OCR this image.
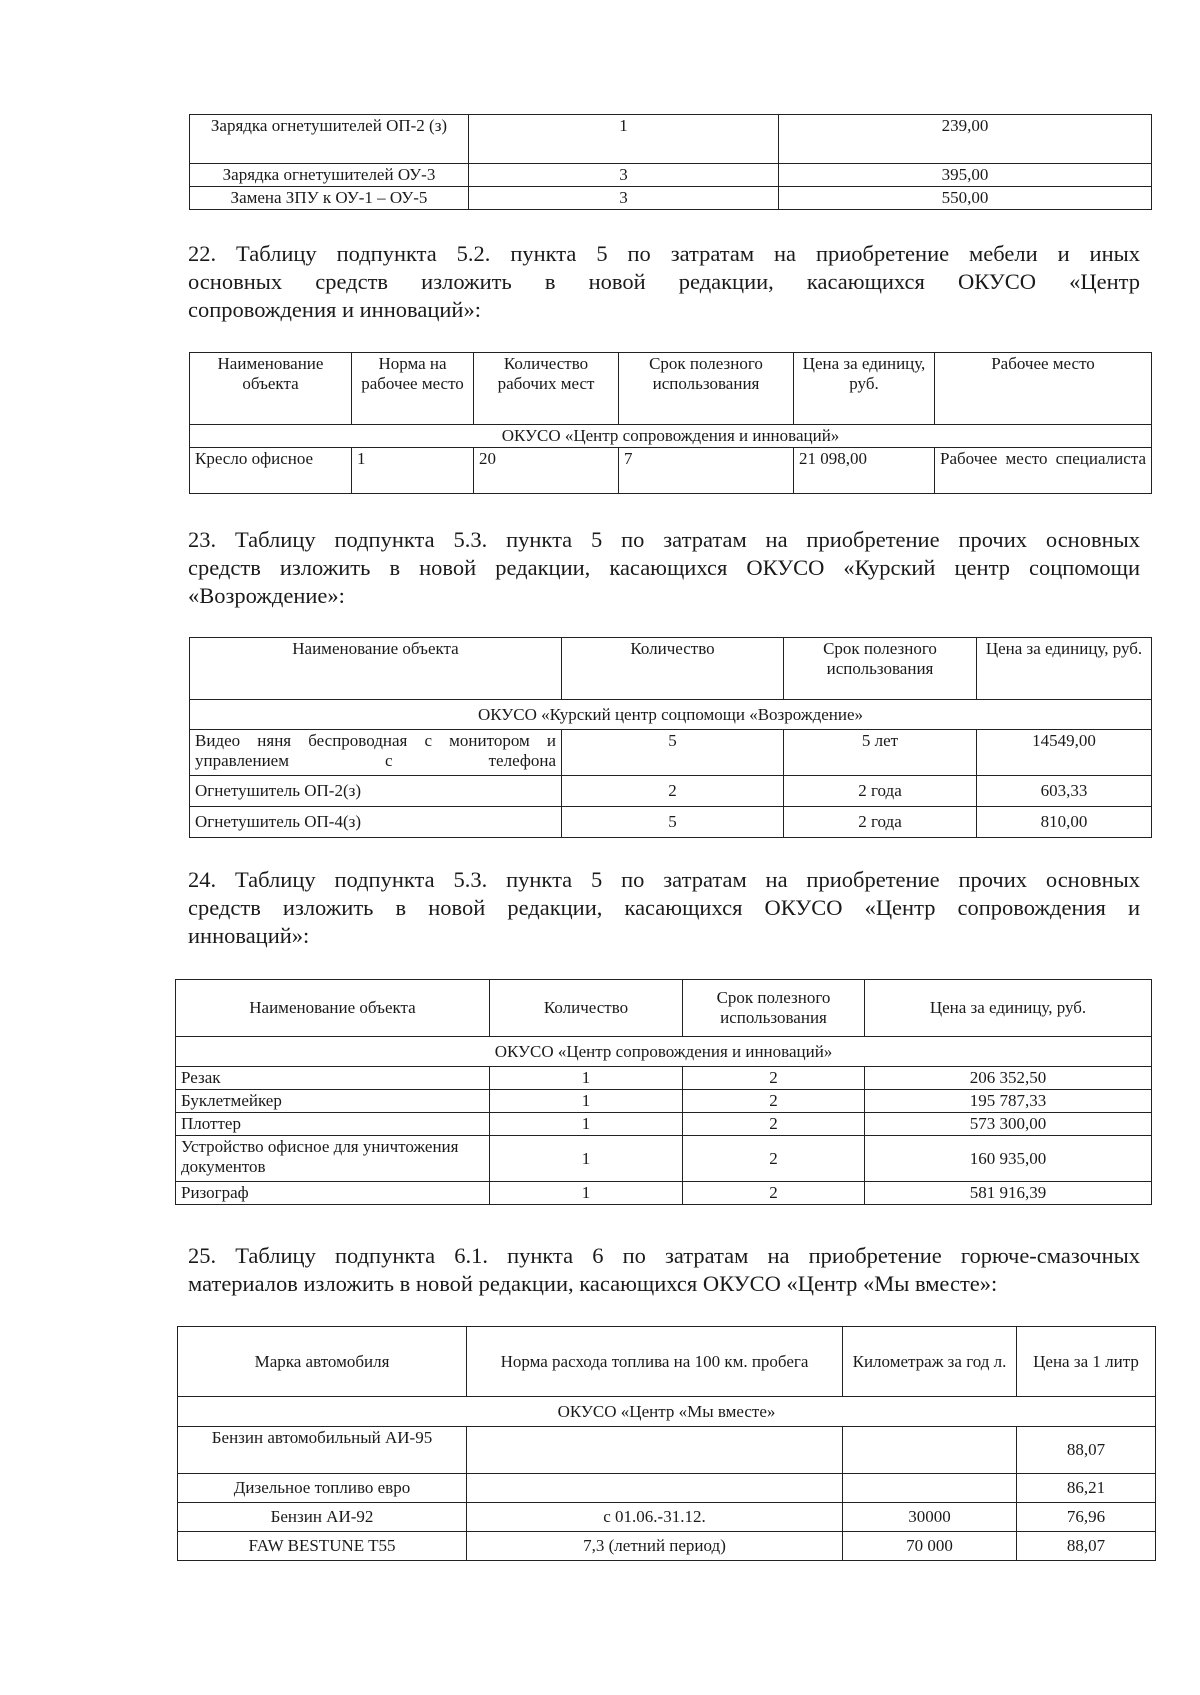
Зарядка огнетушителей ОП-2 (з)	1	239,00
Зарядка огнетушителей ОУ-3	3	395,00
Замена ЗПУ к ОУ-1 – ОУ-5	3	550,00
22. Таблицу подпункта 5.2. пункта 5 по затратам на приобретение мебели и иных
основных средств изложить в новой редакции, касающихся ОКУСО «Центр
сопровождения и инноваций»:
Наименование объекта	Норма на рабочее место	Количество рабочих мест	Срок полезного использования	Цена за единицу, руб.	Рабочее место
ОКУСО «Центр сопровождения и инноваций»					
Кресло офисное	1	20	7	21 098,00	Рабочее место специалиста
23. Таблицу подпункта 5.3. пункта 5 по затратам на приобретение прочих основных
средств изложить в новой редакции, касающихся ОКУСО «Курский центр соцпомощи
«Возрождение»:
Наименование объекта	Количество	Срок полезного использования	Цена за единицу, руб.
ОКУСО «Курский центр соцпомощи «Возрождение»			
Видео няня беспроводная с монитором и управлением с телефона	5	5 лет	14549,00
Огнетушитель ОП-2(з)	2	2 года	603,33
Огнетушитель ОП-4(з)	5	2 года	810,00
24. Таблицу подпункта 5.3. пункта 5 по затратам на приобретение прочих основных
средств изложить в новой редакции, касающихся ОКУСО «Центр сопровождения и
инноваций»:
Наименование объекта	Количество	Срок полезного использования	Цена за единицу, руб.
ОКУСО «Центр сопровождения и инноваций»			
Резак	1	2	206 352,50
Буклетмейкер	1	2	195 787,33
Плоттер	1	2	573 300,00
Устройство офисное для уничтожения документов	1	2	160 935,00
Ризограф	1	2	581 916,39
25. Таблицу подпункта 6.1. пункта 6 по затратам на приобретение горюче-смазочных
материалов изложить в новой редакции, касающихся ОКУСО «Центр «Мы вместе»:
Марка автомобиля	Норма расхода топлива на 100 км. пробега	Километраж за год л.	Цена за 1 литр
ОКУСО «Центр «Мы вместе»			
Бензин автомобильный АИ-95			88,07
Дизельное топливо евро			86,21
Бензин АИ-92	с 01.06.-31.12.	30000	76,96
FAW BESTUNE T55	7,3 (летний период)	70 000	88,07
